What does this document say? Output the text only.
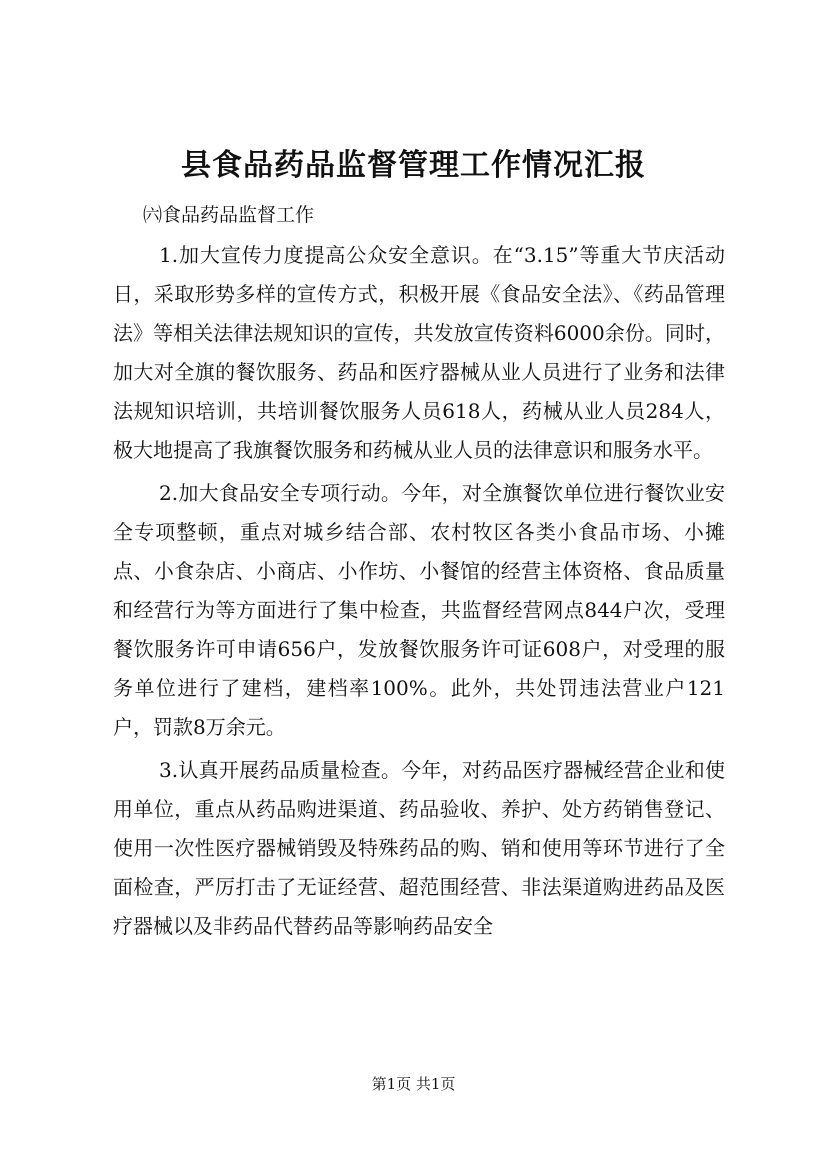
县食品药品监督管理工作情况汇报
㈥食品药品监督工作

1.加大宣传力度提高公众安全意识。在“3.15”等重大节庆活动日，采取形势多样的宣传方式，积极开展《食品安全法》、《药品管理法》等相关法律法规知识的宣传，共发放宣传资料6000余份。同时，加大对全旗的餐饮服务、药品和医疗器械从业人员进行了业务和法律法规知识培训，共培训餐饮服务人员618人，药械从业人员284人，极大地提高了我旗餐饮服务和药械从业人员的法律意识和服务水平。

2.加大食品安全专项行动。今年，对全旗餐饮单位进行餐饮业安全专项整顿，重点对城乡结合部、农村牧区各类小食品市场、小摊点、小食杂店、小商店、小作坊、小餐馆的经营主体资格、食品质量和经营行为等方面进行了集中检查，共监督经营网点844户次，受理餐饮服务许可申请656户，发放餐饮服务许可证608户，对受理的服务单位进行了建档，建档率100%。此外，共处罚违法营业户121户，罚款8万余元。

3.认真开展药品质量检查。今年，对药品医疗器械经营企业和使用单位，重点从药品购进渠道、药品验收、养护、处方药销售登记、使用一次性医疗器械销毁及特殊药品的购、销和使用等环节进行了全面检查，严厉打击了无证经营、超范围经营、非法渠道购进药品及医疗器械以及非药品代替药品等影响药品安全

第1页 共1页
